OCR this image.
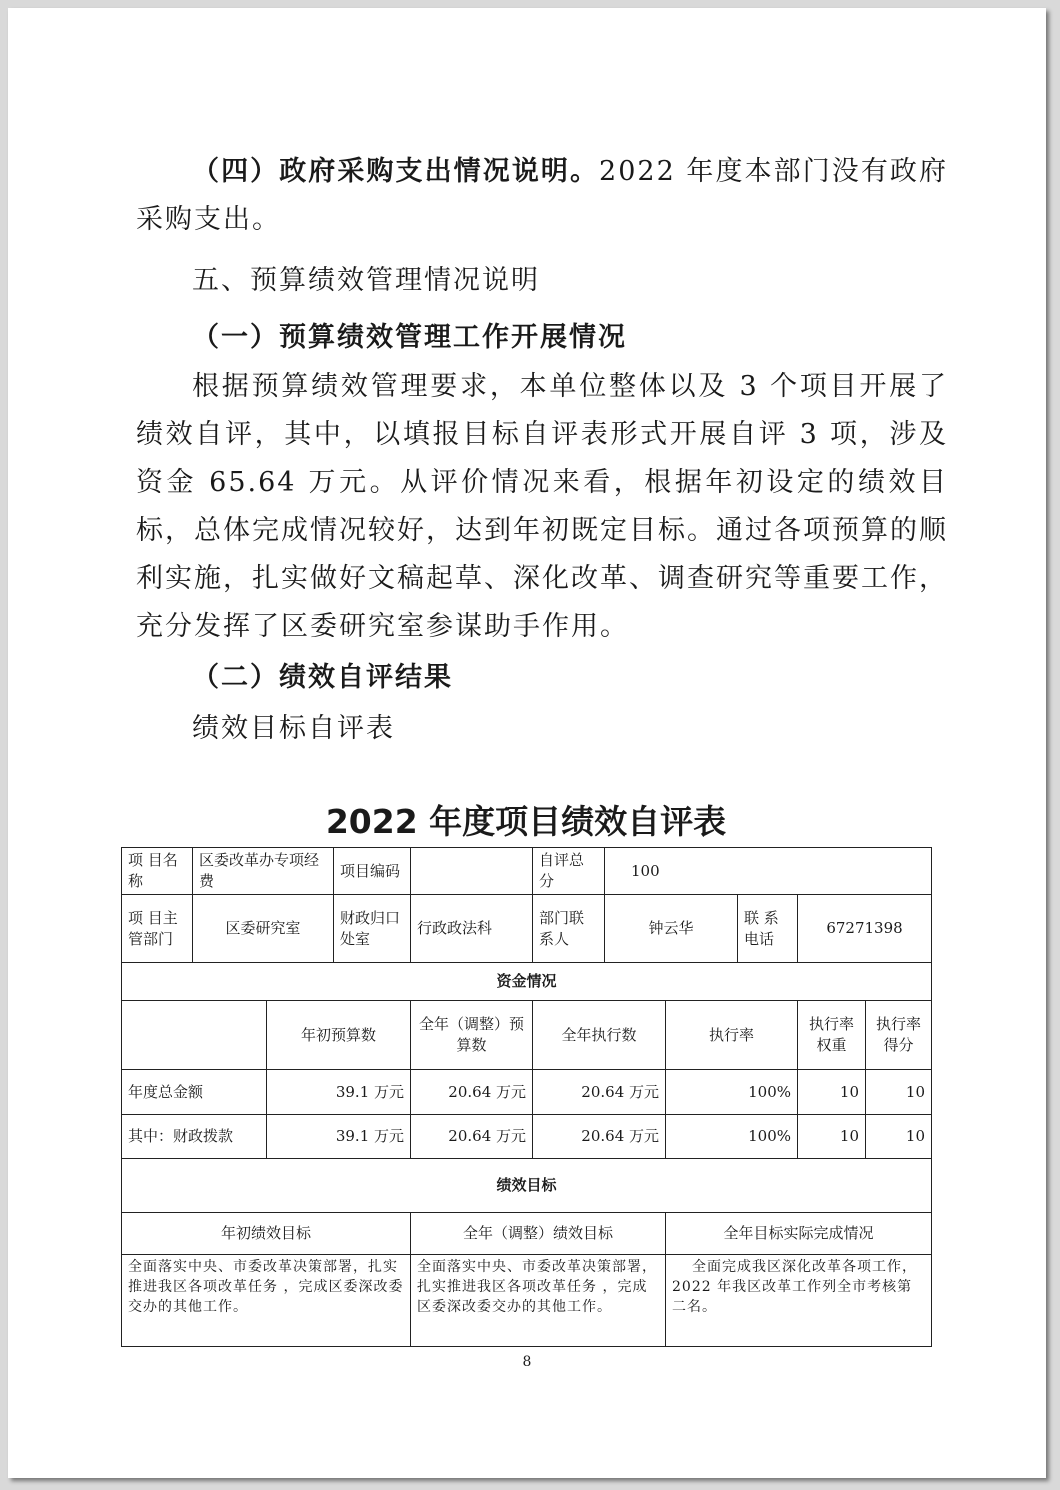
（四）政府采购支出情况说明。2022 年度本部门没有政府采购支出。

五、预算绩效管理情况说明

（一）预算绩效管理工作开展情况

根据预算绩效管理要求，本单位整体以及 3 个项目开展了绩效自评，其中，以填报目标自评表形式开展自评 3 项，涉及资金 65.64 万元。从评价情况来看，根据年初设定的绩效目标，总体完成情况较好，达到年初既定目标。通过各项预算的顺利实施，扎实做好文稿起草、深化改革、调查研究等重要工作，充分发挥了区委研究室参谋助手作用。

（二）绩效自评结果

绩效目标自评表

2022 年度项目绩效自评表

项 目名称	区委改革办专项经费		项目编码		自评总分	100				
项 目主 管部门	区委研究室		财政归口处室	行政政法科	部门联系人	钟云华		联 系电话	67271398	
资金情况										
		年初预算数		全年（调整）预算数	全年执行数		执行率		执行率权重	执行率得分
年度总金额		39.1 万元		20.64 万元	20.64 万元		100%		10	10
其中：财政拨款		39.1 万元		20.64 万元	20.64 万元		100%		10	10
绩效目标										
年初绩效目标				全年（调整）绩效目标			全年目标实际完成情况			
全面落实中央、市委改革决策部署，扎实推进我区各项改革任务 ，完成区委深改委交办的其他工作。				全面落实中央、市委改革决策部署，扎实推进我区各项改革任务 ，完成区委深改委交办的其他工作。			全面完成我区深化改革各项工作，2022 年我区改革工作列全市考核第二名。			
8
